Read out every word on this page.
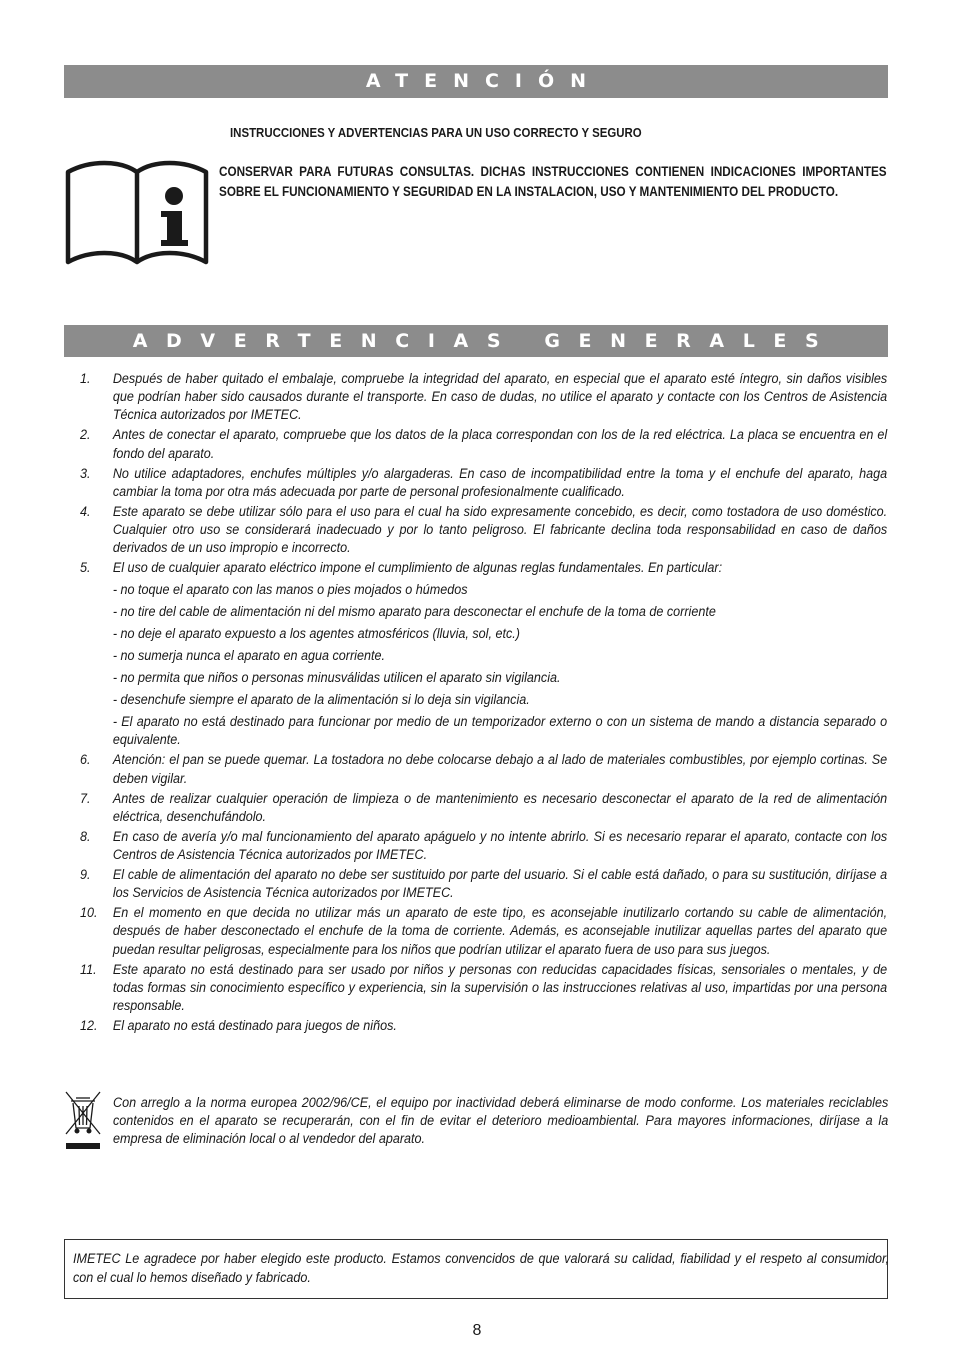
ATENCIÓN
INSTRUCCIONES Y ADVERTENCIAS PARA UN USO CORRECTO Y SEGURO
CONSERVAR PARA FUTURAS CONSULTAS. DICHAS INSTRUCCIONES CONTIENEN INDICACIONES IMPORTANTES SOBRE EL FUNCIONAMIENTO Y SEGURIDAD EN LA INSTALACION, USO Y MANTENIMIENTO DEL PRODUCTO.
ADVERTENCIAS GENERALES
1.	Después de haber quitado el embalaje, compruebe la integridad del aparato, en especial que el aparato esté íntegro, sin daños visibles que podrían haber sido causados durante el transporte. En caso de dudas, no utilice el aparato y contacte con los Centros de Asistencia Técnica autorizados por IMETEC.
2.	Antes de conectar el aparato, compruebe que los datos de la placa correspondan con los de la red eléctrica. La placa se encuentra en el fondo del aparato.
3.	No utilice adaptadores, enchufes múltiples y/o alargaderas. En caso de incompatibilidad entre la toma y el enchufe del aparato, haga cambiar la toma por otra más adecuada por parte de personal profesionalmente cualificado.
4.	Este aparato se debe utilizar sólo para el uso para el cual ha sido expresamente concebido, es decir, como tostadora de uso doméstico. Cualquier otro uso se considerará inadecuado y por lo tanto peligroso. El fabricante declina toda responsabilidad en caso de daños derivados de un uso impropio e incorrecto.
5.	El uso de cualquier aparato eléctrico impone el cumplimiento de algunas reglas fundamentales. En particular:
- no toque el aparato con las manos o pies mojados o húmedos
- no tire del cable de alimentación ni del mismo aparato para desconectar el enchufe de la toma de corriente
- no deje el aparato expuesto a los agentes atmosféricos (lluvia, sol, etc.)
- no sumerja nunca el aparato en agua corriente.
- no permita que niños o personas minusválidas utilicen el aparato sin vigilancia.
- desenchufe siempre el aparato de la alimentación si lo deja sin vigilancia.
- El aparato no está destinado para funcionar por medio de un temporizador externo o con un sistema de mando a distancia separado o equivalente.
6.	Atención: el pan se puede quemar. La tostadora no debe colocarse debajo a al lado de materiales combustibles, por ejemplo cortinas. Se deben vigilar.
7.	Antes de realizar cualquier operación de limpieza o de mantenimiento es necesario desconectar el aparato de la red de alimentación eléctrica, desenchufándolo.
8.	En caso de avería y/o mal funcionamiento del aparato apáguelo y no intente abrirlo. Si es necesario reparar el aparato, contacte con los Centros de Asistencia Técnica autorizados por IMETEC.
9.	El cable de alimentación del aparato no debe ser sustituido por parte del usuario. Si el cable está dañado, o para su sustitución, diríjase a los Servicios de Asistencia Técnica autorizados por IMETEC.
10.	En el momento en que decida no utilizar más un aparato de este tipo, es aconsejable inutilizarlo cortando su cable de alimentación, después de haber desconectado el enchufe de la toma de corriente. Además, es aconsejable inutilizar aquellas partes del aparato que puedan resultar peligrosas, especialmente para los niños que podrían utilizar el aparato fuera de uso para sus juegos.
11.	Este aparato no está destinado para ser usado por niños y personas con reducidas capacidades físicas, sensoriales o mentales, y de todas formas sin conocimiento específico y experiencia, sin la supervisión o las instrucciones relativas al uso, impartidas por una persona responsable.
12.	El aparato no está destinado para juegos de niños.
Con arreglo a la norma europea 2002/96/CE, el equipo por inactividad deberá eliminarse de modo conforme. Los materiales reciclables contenidos en el aparato se recuperarán, con el fin de evitar el deterioro medioambiental. Para mayores informaciones, diríjase a la empresa de eliminación local o al vendedor del aparato.
IMETEC Le agradece por haber elegido este producto. Estamos convencidos de que valorará su calidad, fiabilidad y el respeto al consumidor, con el cual lo hemos diseñado y fabricado.
8
